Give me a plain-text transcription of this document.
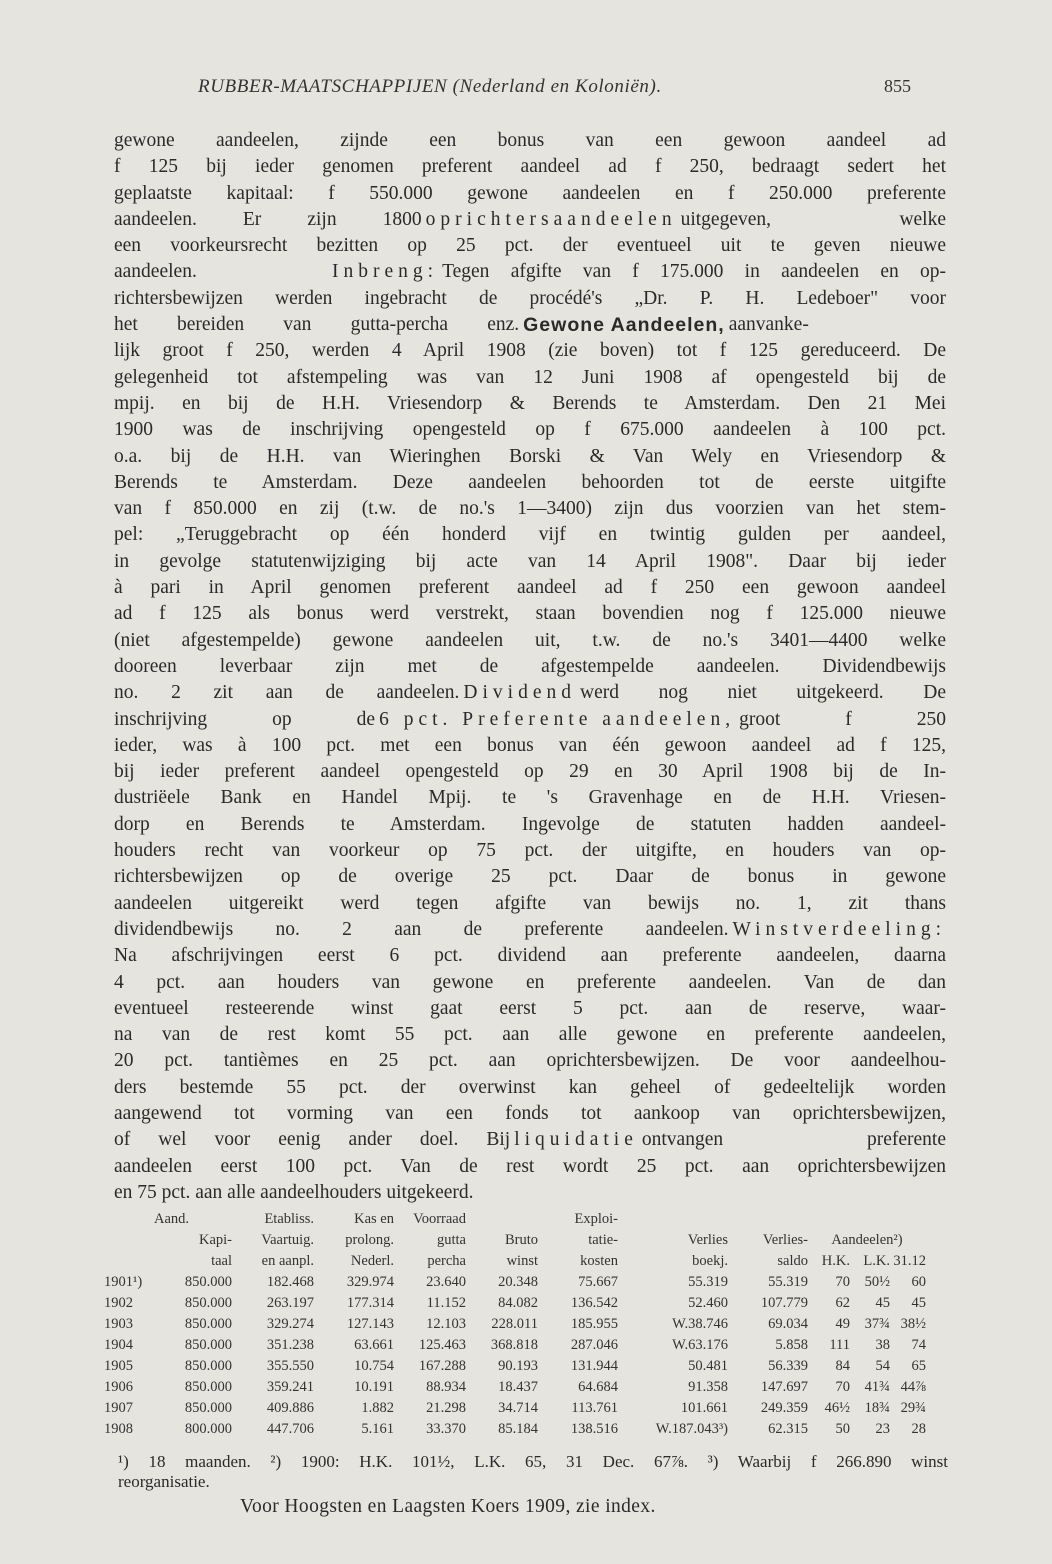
RUBBER-MAATSCHAPPIJEN (Nederland en Koloniën).	855
gewone aandeelen, zijnde een bonus van een gewoon aandeel ad
f 125 bij ieder genomen preferent aandeel ad f 250, bedraagt sedert het
geplaatste kapitaal: f 550.000 gewone aandeelen en f 250.000 preferente
aandeelen. Er zijn 1800 oprichtersaandeelen uitgegeven, welke
een voorkeursrecht bezitten op 25 pct. der eventueel uit te geven nieuwe
aandeelen.	Inbreng: Tegen afgifte van f 175.000 in aandeelen en op-
richtersbewijzen werden ingebracht de procédé's „Dr. P. H. Ledeboer" voor
het bereiden van gutta-percha enz. Gewone Aandeelen, aanvanke-
lijk groot f 250, werden 4 April 1908 (zie boven) tot f 125 gereduceerd. De
gelegenheid tot afstempeling was van 12 Juni 1908 af opengesteld bij de
mpij. en bij de H.H. Vriesendorp & Berends te Amsterdam. Den 21 Mei
1900 was de inschrijving opengesteld op f 675.000 aandeelen à 100 pct.
o.a. bij de H.H. van Wieringhen Borski & Van Wely en Vriesendorp &
Berends te Amsterdam. Deze aandeelen behoorden tot de eerste uitgifte
van f 850.000 en zij (t.w. de no.'s 1—3400) zijn dus voorzien van het stem-
pel: „Teruggebracht op één honderd vijf en twintig gulden per aandeel,
in gevolge statutenwijziging bij acte van 14 April 1908". Daar bij ieder
à pari in April genomen preferent aandeel ad f 250 een gewoon aandeel
ad f 125 als bonus werd verstrekt, staan bovendien nog f 125.000 nieuwe
(niet afgestempelde) gewone aandeelen uit, t.w. de no.'s 3401—4400 welke
dooreen leverbaar zijn met de afgestempelde aandeelen. Dividendbewijs
no. 2 zit aan de aandeelen. Dividend werd nog niet uitgekeerd. De
inschrijving op de 6 pct. Preferente aandeelen, groot f 250
ieder, was à 100 pct. met een bonus van één gewoon aandeel ad f 125,
bij ieder preferent aandeel opengesteld op 29 en 30 April 1908 bij de In-
dustriëele Bank en Handel Mpij. te 's Gravenhage en de H.H. Vriesen-
dorp en Berends te Amsterdam. Ingevolge de statuten hadden aandeel-
houders recht van voorkeur op 75 pct. der uitgifte, en houders van op-
richtersbewijzen op de overige 25 pct. Daar de bonus in gewone
aandeelen uitgereikt werd tegen afgifte van bewijs no. 1, zit thans
dividendbewijs no. 2 aan de preferente aandeelen. Winstverdeeling:
Na afschrijvingen eerst 6 pct. dividend aan preferente aandeelen, daarna
4 pct. aan houders van gewone en preferente aandeelen. Van de dan
eventueel resteerende winst gaat eerst 5 pct. aan de reserve, waar-
na van de rest komt 55 pct. aan alle gewone en preferente aandeelen,
20 pct. tantièmes en 25 pct. aan oprichtersbewijzen. De voor aandeelhou-
ders bestemde 55 pct. der overwinst kan geheel of gedeeltelijk worden
aangewend tot vorming van een fonds tot aankoop van oprichtersbewijzen,
of wel voor eenig ander doel. Bij liquidatie ontvangen preferente
aandeelen eerst 100 pct. Van de rest wordt 25 pct. aan oprichtersbewijzen
en 75 pct. aan alle aandeelhouders uitgekeerd.
	Aand.	Etabliss.	Kas en	Voorraad		Exploi-					
	Kapi-	Vaartuig.	prolong.	gutta	Bruto	tatie-	Verlies	Verlies-	Aandeelen²)		
	taal	en aanpl.	Nederl.	percha	winst	kosten	boekj.	saldo	H.K.	L.K.	31.12
1901¹)	850.000	182.468	329.974	23.640	20.348	75.667	55.319	55.319	70	50½	60
1902	850.000	263.197	177.314	11.152	84.082	136.542	52.460	107.779	62	45	45
1903	850.000	329.274	127.143	12.103	228.011	185.955	W.38.746	69.034	49	37¾	38½
1904	850.000	351.238	63.661	125.463	368.818	287.046	W.63.176	5.858	111	38	74
1905	850.000	355.550	10.754	167.288	90.193	131.944	50.481	56.339	84	54	65
1906	850.000	359.241	10.191	88.934	18.437	64.684	91.358	147.697	70	41¾	44⅞
1907	850.000	409.886	1.882	21.298	34.714	113.761	101.661	249.359	46½	18¾	29¾
1908	800.000	447.706	5.161	33.370	85.184	138.516	W.187.043³)	62.315	50	23	28
¹) 18 maanden. ²) 1900: H.K. 101½, L.K. 65, 31 Dec. 67⅞. ³) Waarbij f 266.890 winst
reorganisatie.
Voor Hoogsten en Laagsten Koers 1909, zie index.
